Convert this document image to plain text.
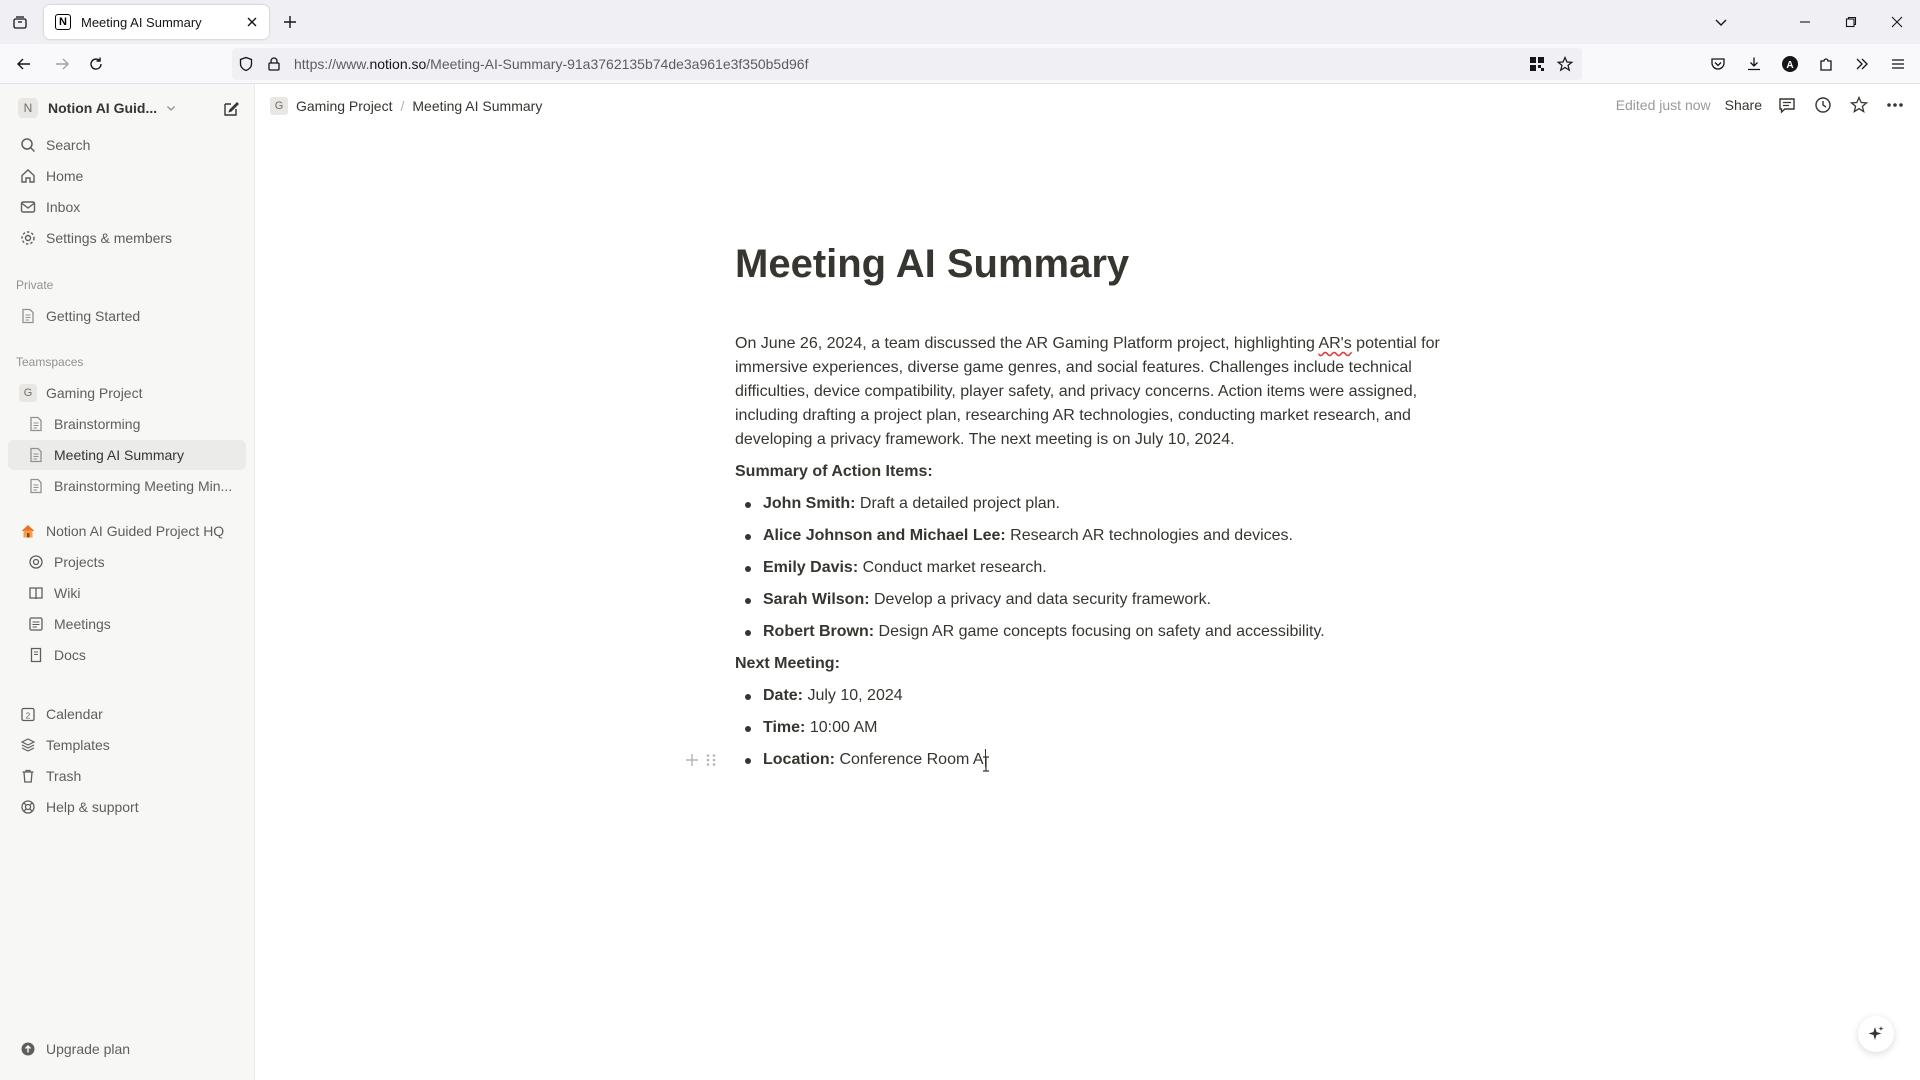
N	Meeting AI Summary
https://www.notion.so/Meeting-AI-Summary-91a3762135b74de3a961e3f350b5d96f	A
N	Notion AI Guid...
Search
Home
Inbox
Settings & members
Private
Getting Started
Teamspaces
G Gaming Project
Brainstorming
Meeting AI Summary
Brainstorming Meeting Min...
Notion AI Guided Project HQ
Projects
Wiki
Meetings
Docs
2 Calendar
Templates
Trash
Help & support
Upgrade plan
G Gaming Project / Meeting AI Summary	Edited just now Share
Meeting AI Summary

On June 26, 2024, a team discussed the AR Gaming Platform project, highlighting AR's potential for immersive experiences, diverse game genres, and social features. Challenges include technical difficulties, device compatibility, player safety, and privacy concerns. Action items were assigned, including drafting a project plan, researching AR technologies, conducting market research, and developing a privacy framework. The next meeting is on July 10, 2024.

Summary of Action Items:
John Smith: Draft a detailed project plan.
Alice Johnson and Michael Lee: Research AR technologies and devices.
Emily Davis: Conduct market research.
Sarah Wilson: Develop a privacy and data security framework.
Robert Brown: Design AR game concepts focusing on safety and accessibility.
Next Meeting:
Date: July 10, 2024
Time: 10:00 AM
Location: Conference Room A
